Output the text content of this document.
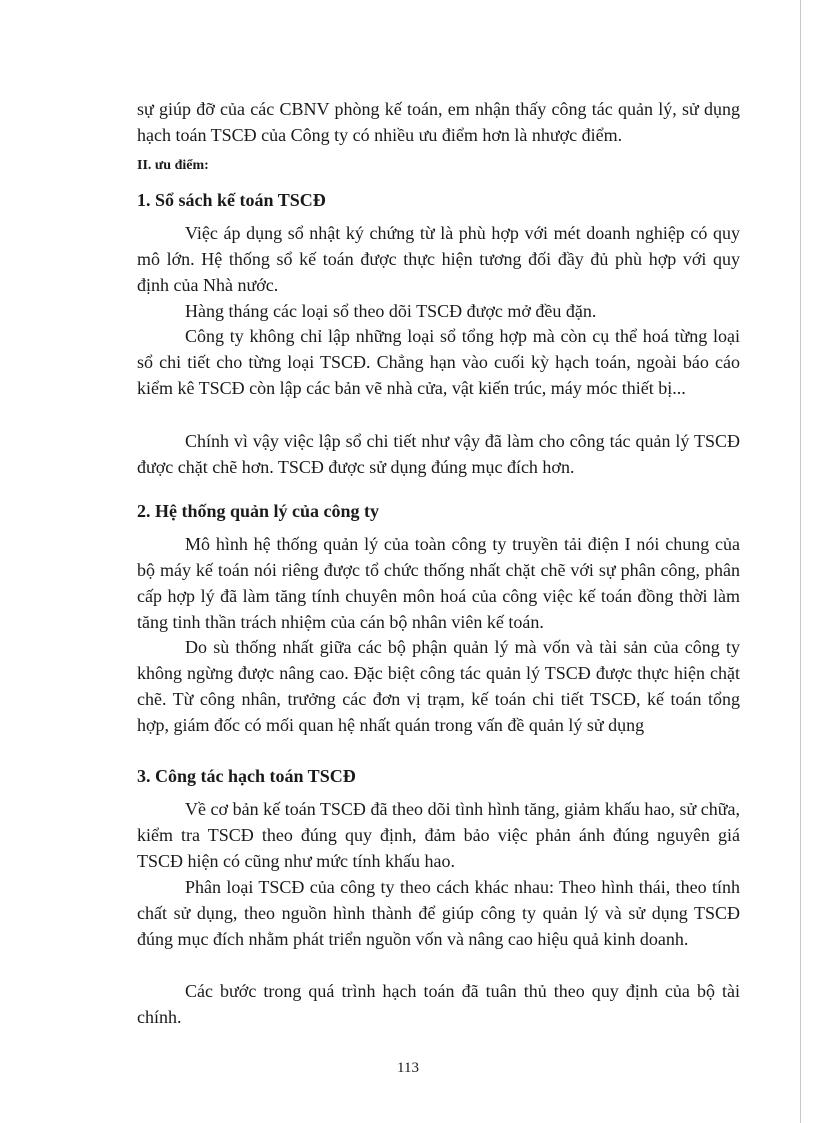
sự giúp đỡ của các CBNV phòng kế toán, em nhận thấy công tác quản lý, sử dụng hạch toán TSCĐ của Công ty có nhiều ưu điểm hơn là nhược điểm.

II. ưu điểm:

1. Sổ sách kế toán TSCĐ

Việc áp dụng sổ nhật ký chứng từ là phù hợp với mét doanh nghiệp có quy mô lớn. Hệ thống sổ kế toán được thực hiện tương đối đầy đủ phù hợp với quy định của Nhà nước.

Hàng tháng các loại sổ theo dõi TSCĐ được mở đều đặn.

Công ty không chỉ lập những loại sổ tổng hợp mà còn cụ thể hoá từng loại sổ chi tiết cho từng loại TSCĐ. Chẳng hạn vào cuối kỳ hạch toán, ngoài báo cáo kiểm kê TSCĐ còn lập các bản vẽ nhà cửa, vật kiến trúc, máy móc thiết bị...

Chính vì vậy việc lập sổ chi tiết như vậy đã làm cho công tác quản lý TSCĐ được chặt chẽ hơn. TSCĐ được sử dụng đúng mục đích hơn.

2. Hệ thống quản lý của công ty

Mô hình hệ thống quản lý của toàn công ty truyền tải điện I nói chung của bộ máy kế toán nói riêng được tổ chức thống nhất chặt chẽ với sự phân công, phân cấp hợp lý đã làm tăng tính chuyên môn hoá của công việc kế toán đồng thời làm tăng tinh thần trách nhiệm của cán bộ nhân viên kế toán.

Do sù thống nhất giữa các bộ phận quản lý mà vốn và tài sản của công ty không ngừng được nâng cao. Đặc biệt công tác quản lý TSCĐ được thực hiện chặt chẽ. Từ công nhân, trưởng các đơn vị trạm, kế toán chi tiết TSCĐ, kế toán tổng hợp, giám đốc có mối quan hệ nhất quán trong vấn đề quản lý sử dụng

3. Công tác hạch toán TSCĐ

Về cơ bản kế toán TSCĐ đã theo dõi tình hình tăng, giảm khấu hao, sử chữa, kiểm tra TSCĐ theo đúng quy định, đảm bảo việc phản ánh đúng nguyên giá TSCĐ hiện có cũng như mức tính khấu hao.

Phân loại TSCĐ của công ty theo cách khác nhau: Theo hình thái, theo tính chất sử dụng, theo nguồn hình thành để giúp công ty quản lý và sử dụng TSCĐ đúng mục đích nhằm phát triển nguồn vốn và nâng cao hiệu quả kinh doanh.

Các bước trong quá trình hạch toán đã tuân thủ theo quy định của bộ tài chính.

113
